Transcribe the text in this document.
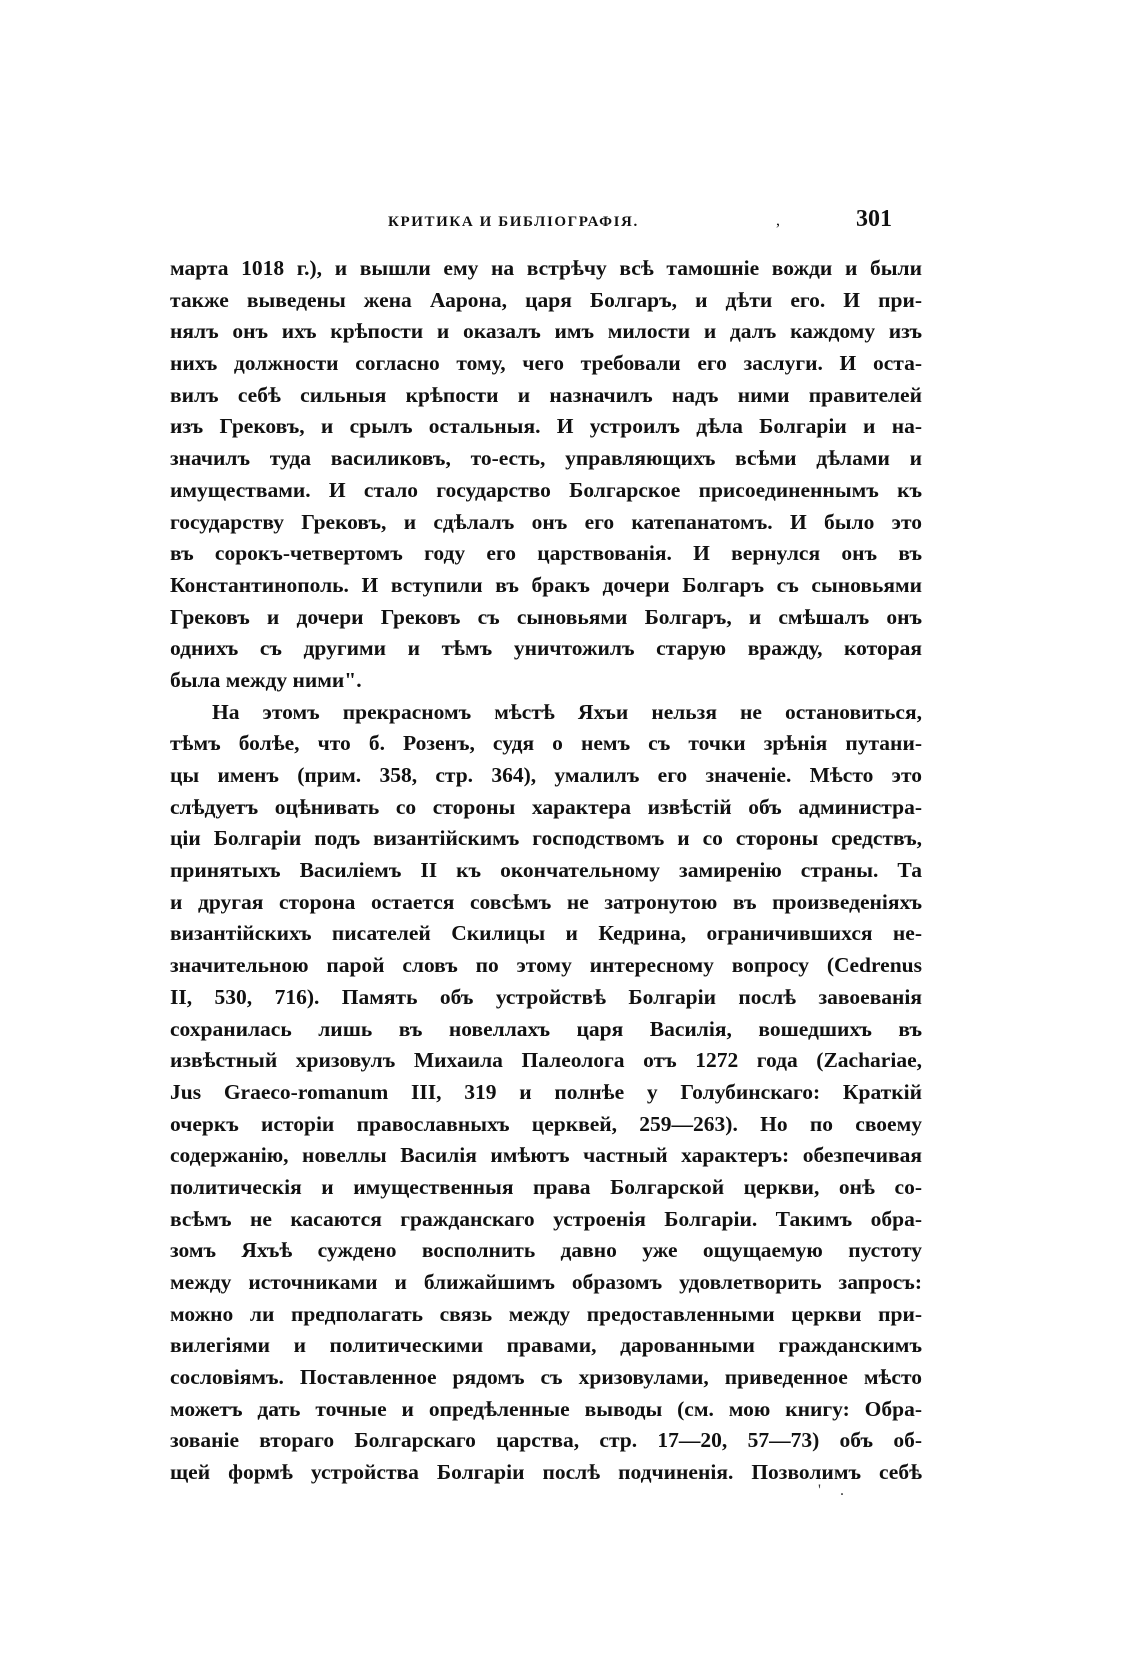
КРИТИКА И БИБЛІОГРАФІЯ.	,	301
марта 1018 г.), и вышли ему на встрѣчу всѣ тамошніе вожди и были
также выведены жена Аарона, царя Болгаръ, и дѣти его. И при-
нялъ онъ ихъ крѣпости и оказалъ имъ милости и далъ каждому изъ
нихъ должности согласно тому, чего требовали его заслуги. И оста-
вилъ себѣ сильныя крѣпости и назначилъ надъ ними правителей
изъ Грековъ, и срылъ остальныя. И устроилъ дѣла Болгаріи и на-
значилъ туда василиковъ, то-есть, управляющихъ всѣми дѣлами и
имуществами. И стало государство Болгарское присоединеннымъ къ
государству Грековъ, и сдѣлалъ онъ его катепанатомъ. И было это
въ сорокъ-четвертомъ году его царствованія. И вернулся онъ въ
Константинополь. И вступили въ бракъ дочери Болгаръ съ сыновьями
Грековъ и дочери Грековъ съ сыновьями Болгаръ, и смѣшалъ онъ
однихъ съ другими и тѣмъ уничтожилъ старую вражду, которая
была между ними".
На этомъ прекрасномъ мѣстѣ Яхъи нельзя не остановиться,
тѣмъ болѣе, что б. Розенъ, судя о немъ съ точки зрѣнія путани-
цы именъ (прим. 358, стр. 364), умалилъ его значеніе. Мѣсто это
слѣдуетъ оцѣнивать со стороны характера извѣстій объ администра-
ціи Болгаріи подъ византійскимъ господствомъ и со стороны средствъ,
принятыхъ Василіемъ II къ окончательному замиренію страны. Та
и другая сторона остается совсѣмъ не затронутою въ произведеніяхъ
византійскихъ писателей Скилицы и Кедрина, ограничившихся не-
значительною парой словъ по этому интересному вопросу (Cedrenus
II, 530, 716). Память объ устройствѣ Болгаріи послѣ завоеванія
сохранилась лишь въ новеллахъ царя Василія, вошедшихъ въ
извѣстный хризовулъ Михаила Палеолога отъ 1272 года (Zachariae,
Jus Graeco-romanum III, 319 и полнѣе у Голубинскаго: Краткій
очеркъ исторіи православныхъ церквей, 259—263). Но по своему
содержанію, новеллы Василія имѣютъ частный характеръ: обезпечивая
политическія и имущественныя права Болгарской церкви, онѣ со-
всѣмъ не касаются гражданскаго устроенія Болгаріи. Такимъ обра-
зомъ Яхъѣ суждено восполнить давно уже ощущаемую пустоту
между источниками и ближайшимъ образомъ удовлетворить запросъ:
можно ли предполагать связь между предоставленными церкви при-
вилегіями и политическими правами, дарованными гражданскимъ
сословіямъ. Поставленное рядомъ съ хризовулами, приведенное мѣсто
можетъ дать точные и опредѣленные выводы (см. мою книгу: Обра-
зованіе втораго Болгарскаго царства, стр. 17—20, 57—73) объ об-
щей формѣ устройства Болгаріи послѣ подчиненія. Позволимъ себѣ
' .
